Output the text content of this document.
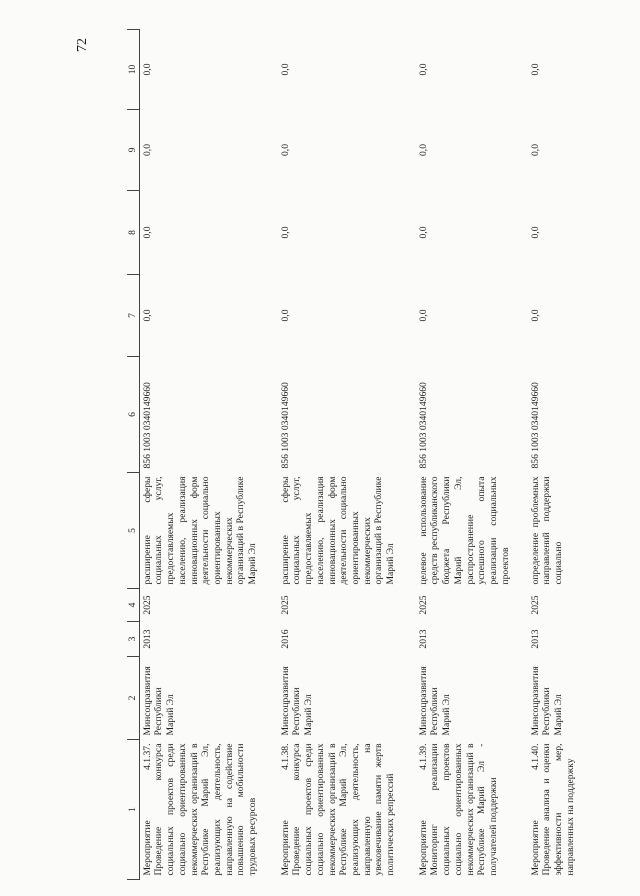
72
1	2	3	4	5	6	7	8	9	10
Мероприятие 4.1.37. Проведение конкурса социальных проектов среди социально ориентированных некоммерческих организаций в Республике Марий Эл, реализующих деятельность, направленную на содействие повышению мобильности трудовых ресурсов	Минсоцразвития Республики Марий Эл	2013	2025	расширение сферы социальных услуг, предоставляемых населению, реализация инновационных форм деятельности социально ориентированных некоммерческих организаций в Республике Марий Эл	856 1003 0340149660	0,0	0,0	0,0	0,0
Мероприятие 4.1.38. Проведение конкурса социальных проектов среди социально ориентированных некоммерческих организаций в Республике Марий Эл, реализующих деятельность, направленную на увековечивание памяти жертв политических репрессий	Минсоцразвития Республики Марий Эл	2016	2025	расширение сферы социальных услуг, предоставляемых населению, реализация инновационных форм деятельности социально ориентированных некоммерческих организаций в Республике Марий Эл	856 1003 0340149660	0,0	0,0	0,0	0,0
Мероприятие 4.1.39. Мониторинг реализации социальных проектов социально ориентированных некоммерческих организаций в Республике Марий Эл - получателей поддержки	Минсоцразвития Республики Марий Эл	2013	2025	целевое использование средств республиканского бюджета Республики Марий Эл, распространение успешного опыта реализации социальных проектов	856 1003 0340149660	0,0	0,0	0,0	0,0
Мероприятие 4.1.40. Проведение анализа и оценки эффективности мер, направленных на поддержку	Минсоцразвития Республики Марий Эл	2013	2025	определение проблемных направлений поддержки социально	856 1003 0340149660	0,0	0,0	0,0	0,0
